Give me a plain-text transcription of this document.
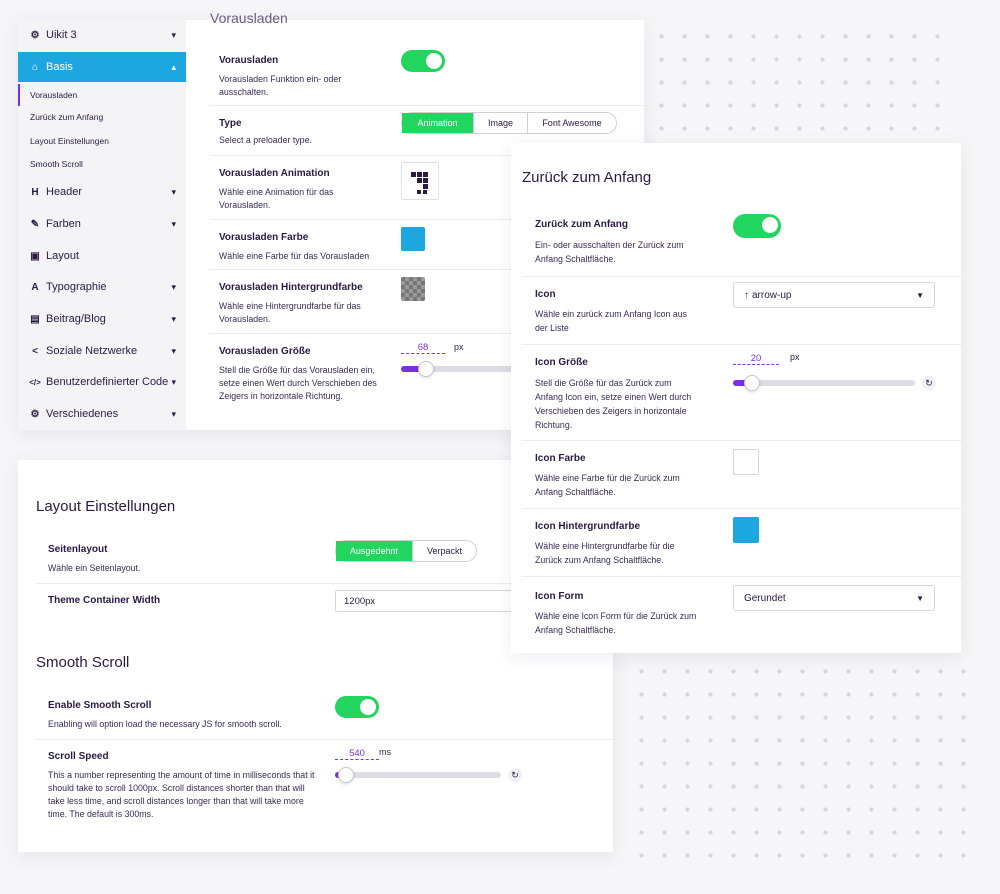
⚙ Uikit 3	▾
⌂ Basis	▴
Vorausladen
Zurück zum Anfang
Layout Einstellungen
Smooth Scroll
H Header	▾
✎ Farben	▾
▣ Layout
A Typographie	▾
▤ Beitrag/Blog	▾
< Soziale Netzwerke	▾
</> Benutzerdefinierter Code ▾
⚙ Verschiedenes	▾
Vorausladen
Vorausladen
Vorausladen Funktion ein- oder
ausschalten.
Type
Select a preloader type.
Animation	Image	Font Awesome
Vorausladen Animation
Wähle eine Animation für das
Vorausladen.
Vorausladen Farbe
Wähle eine Farbe für das Vorausladen
Vorausladen Hintergrundfarbe
Wähle eine Hintergrundfarbe für das
Vorausladen.
Vorausladen Größe
Stell die Größe für das Vorausladen ein,
setze einen Wert durch Verschieben des
Zeigers in horizontale Richtung.
68	px
Layout Einstellungen
Seitenlayout
Wähle ein Seitenlayout.
Ausgedehnt	Verpackt
Theme Container Width	1200px
Smooth Scroll
Enable Smooth Scroll
Enabling will option load the necessary JS for smooth scroll.
Scroll Speed
This a number representing the amount of time in milliseconds that it
should take to scroll 1000px. Scroll distances shorter than that will
take less time, and scroll distances longer than that will take more
time. The default is 300ms.
540	ms
↻
Zurück zum Anfang
Zurück zum Anfang
Ein- oder ausschalten der Zurück zum
Anfang Schaltfläche.
Icon
Wähle ein zurück zum Anfang Icon aus
der Liste
↑ arrow-up	▼
Icon Größe
Stell die Größe für das Zurück zum
Anfang Icon ein, setze einen Wert durch
Verschieben des Zeigers in horizontale
Richtung.
20	px
↻
Icon Farbe
Wähle eine Farbe für die Zurück zum
Anfang Schaltfläche.
Icon Hintergrundfarbe
Wähle eine Hintergrundfarbe für die
Zurück zum Anfang Schaltfläche.
Icon Form
Wähle eine Icon Form für die Zurück zum
Anfang Schaltfläche.
Gerundet	▼
